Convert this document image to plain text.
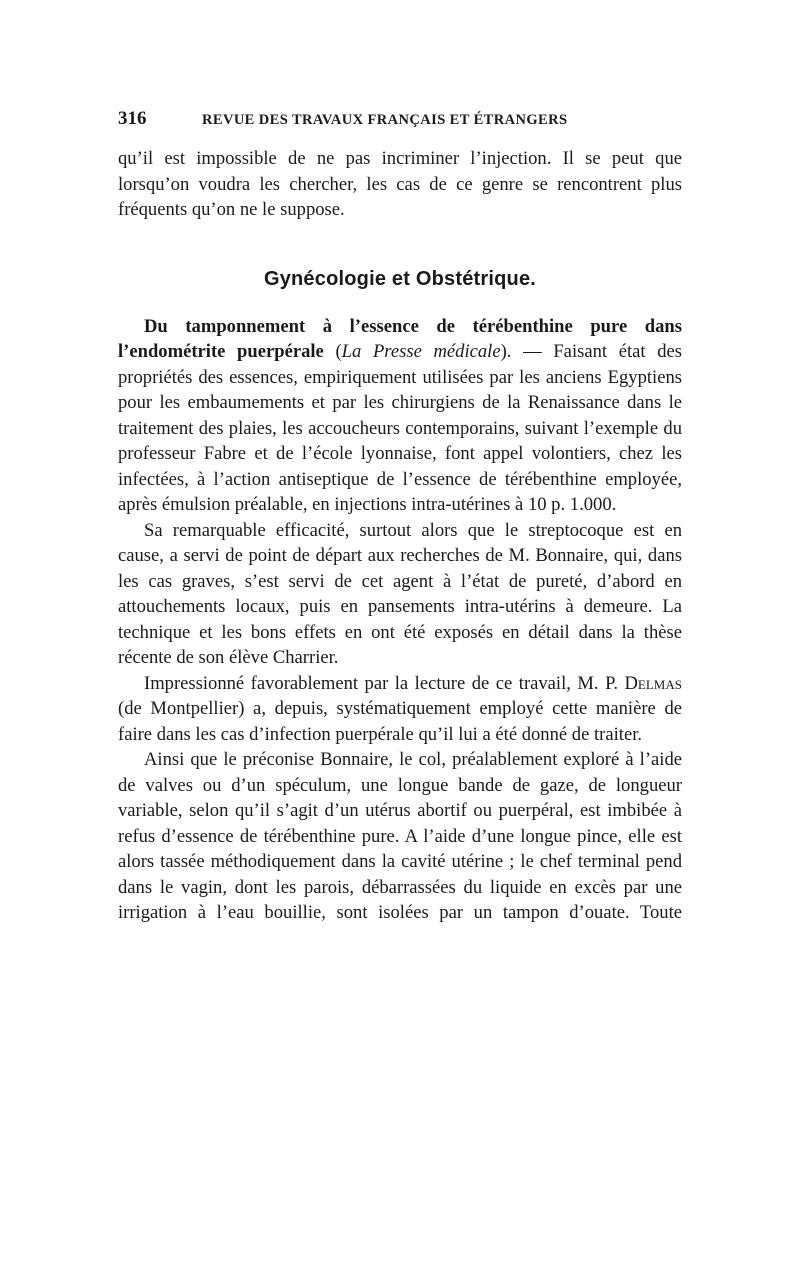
316	REVUE DES TRAVAUX FRANÇAIS ET ÉTRANGERS

qu’il est impossible de ne pas incriminer l’injection. Il se peut que lorsqu’on voudra les chercher, les cas de ce genre se rencontrent plus fréquents qu’on ne le suppose.

Gynécologie et Obstétrique.

Du tamponnement à l’essence de térébenthine pure dans l’endométrite puerpérale (La Presse médicale). — Faisant état des propriétés des essences, empiriquement utilisées par les anciens Egyptiens pour les embaumements et par les chirurgiens de la Renaissance dans le traitement des plaies, les accoucheurs contemporains, suivant l’exemple du professeur Fabre et de l’école lyonnaise, font appel volontiers, chez les infectées, à l’action antiseptique de l’essence de térébenthine employée, après émulsion préalable, en injections intra-utérines à 10 p. 1.000.

Sa remarquable efficacité, surtout alors que le streptocoque est en cause, a servi de point de départ aux recherches de M. Bonnaire, qui, dans les cas graves, s’est servi de cet agent à l’état de pureté, d’abord en attouchements locaux, puis en pansements intra-utérins à demeure. La technique et les bons effets en ont été exposés en détail dans la thèse récente de son élève Charrier.

Impressionné favorablement par la lecture de ce travail, M. P. Delmas (de Montpellier) a, depuis, systématiquement employé cette manière de faire dans les cas d’infection puerpérale qu’il lui a été donné de traiter.

Ainsi que le préconise Bonnaire, le col, préalablement exploré à l’aide de valves ou d’un spéculum, une longue bande de gaze, de longueur variable, selon qu’il s’agit d’un utérus abortif ou puerpéral, est imbibée à refus d’essence de térébenthine pure. A l’aide d’une longue pince, elle est alors tassée méthodiquement dans la cavité utérine ; le chef terminal pend dans le vagin, dont les parois, débarrassées du liquide en excès par une irrigation à l’eau bouillie, sont isolées par un tampon d’ouate. Toute
